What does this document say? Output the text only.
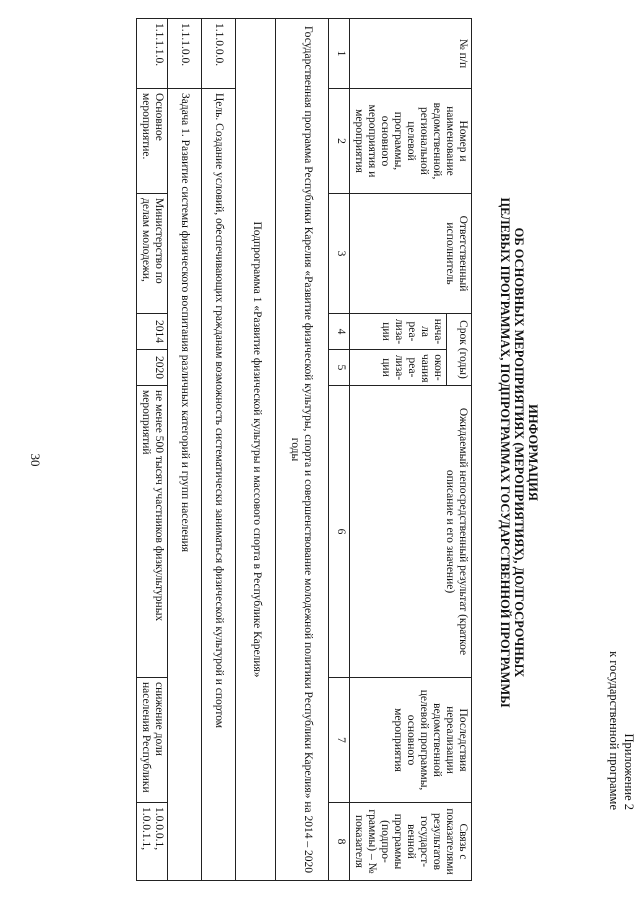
30
Приложение 2
к государственной программе
ИНФОРМАЦИЯ
ОБ ОСНОВНЫХ МЕРОПРИЯТИЯХ (МЕРОПРИЯТИЯХ), ДОЛГОСРОЧНЫХ
ЦЕЛЕВЫХ ПРОГРАММАХ, ПОДПРОГРАММАХ ГОСУДАРСТВЕННОЙ ПРОГРАММЫ
№ п/п	Номер и наименование ведомственной, региональной целевой программы, основного мероприятия и мероприятия	Ответственный исполнитель	Срок (годы)		Ожидаемый непосредственный результат (краткое описание и его значение)	Последствия нереализации ведомственной целевой программы, основного мероприятия	Связь с показателями результатов государст-венной программы (подпро-граммы) – № показателя
			нача-ла реа-лиза-ции	окон-чания реа-лиза-ции			
1	2	3	4	5	6	7	8
Государственная программа Республики Карелия «Развитие физической культуры, спорта и совершенствование молодежной политики Республики Карелия» на 2014 – 2020 годы							
Подпрограмма 1 «Развитие физической культуры и массового спорта в Республике Карелия»							
1.1.0.0.0.	Цель. Создание условий, обеспечивающих гражданам возможность систематически заниматься физической культурой и спортом						
1.1.1.0.0.	Задача 1. Развитие системы физического воспитания различных категорий и групп населения						
1.1.1.1.0.	Основное мероприятие.	Министерство по делам молодежи,	2014	2020	не менее 500 тысяч участников физкультурных мероприятий	снижение доли населения Республики	1.0.0.0.1, 1.0.0.1.1,
